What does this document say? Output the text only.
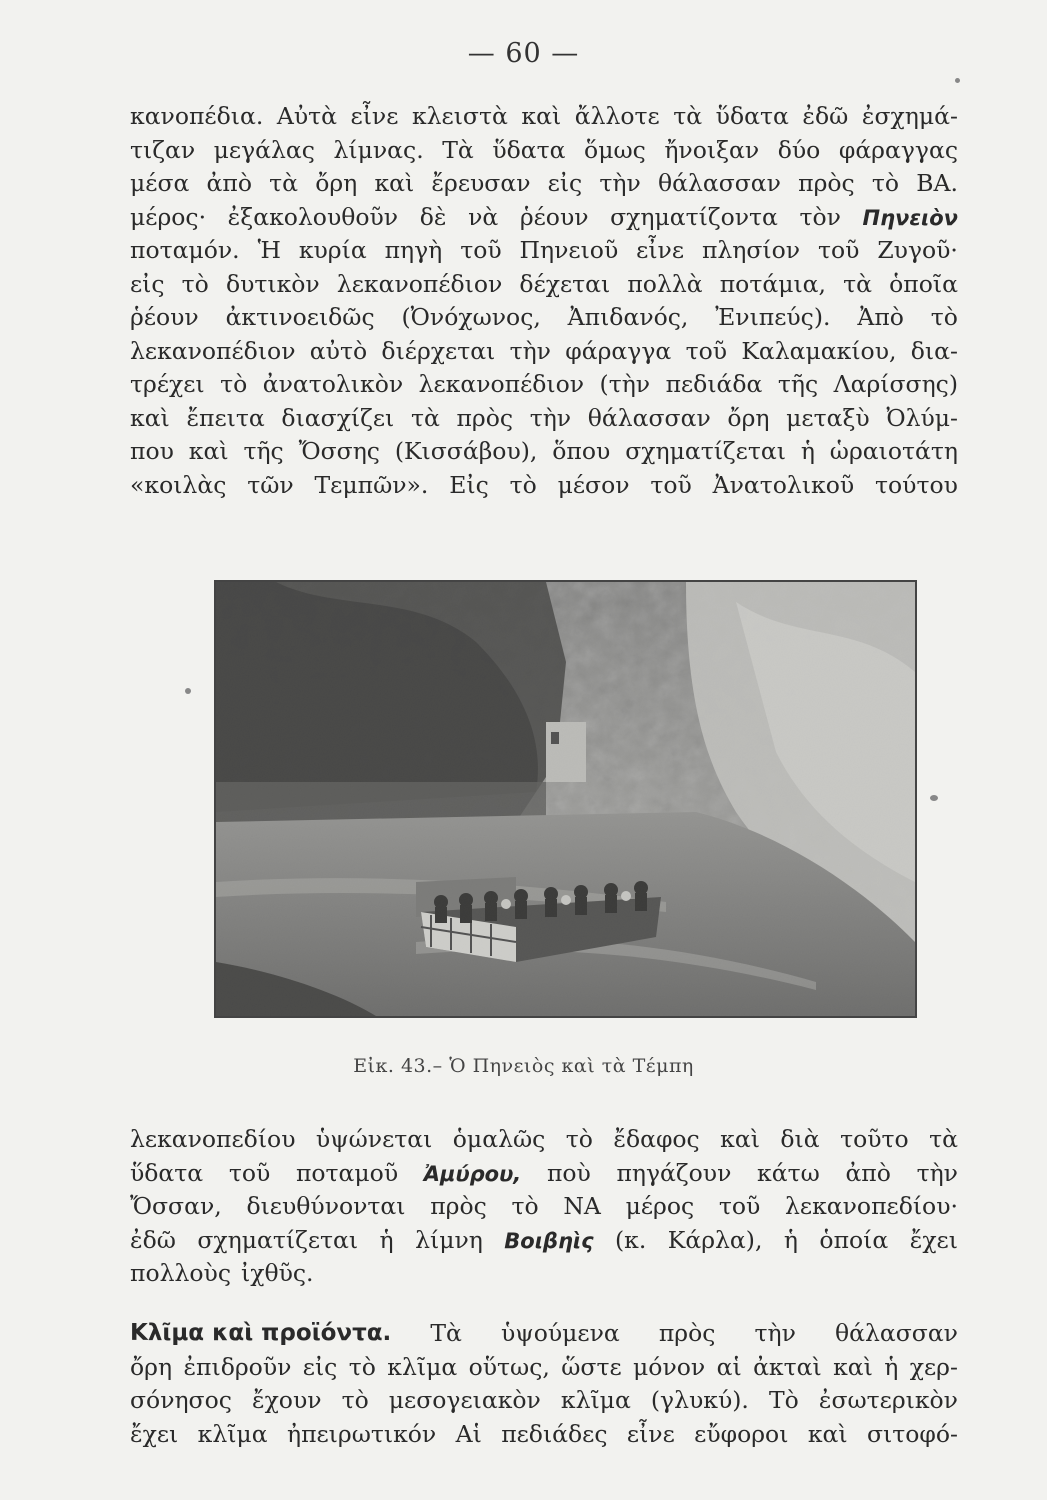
— 60 —
κανοπέδια. Αὐτὰ εἶνε κλειστὰ καὶ ἄλλοτε τὰ ὕδατα ἐδῶ ἐσχημά-
τιζαν μεγάλας λίμνας. Τὰ ὕδατα ὅμως ἤνοιξαν δύο φάραγγας
μέσα ἀπὸ τὰ ὄρη καὶ ἔρευσαν εἰς τὴν θάλασσαν πρὸς τὸ ΒΑ.
μέρος· ἐξακολουθοῦν δὲ νὰ ῥέουν σχηματίζοντα τὸν Πηνειὸν
ποταμόν. Ἡ κυρία πηγὴ τοῦ Πηνειοῦ εἶνε πλησίον τοῦ Ζυγοῦ·
εἰς τὸ δυτικὸν λεκανοπέδιον δέχεται πολλὰ ποτάμια, τὰ ὁποῖα
ῥέουν ἀκτινοειδῶς (Ὀνόχωνος, Ἀπιδανός, Ἐνιπεύς). Ἀπὸ τὸ
λεκανοπέδιον αὐτὸ διέρχεται τὴν φάραγγα τοῦ Καλαμακίου, δια-
τρέχει τὸ ἀνατολικὸν λεκανοπέδιον (τὴν πεδιάδα τῆς Λαρίσσης)
καὶ ἔπειτα διασχίζει τὰ πρὸς τὴν θάλασσαν ὄρη μεταξὺ Ὀλύμ-
που καὶ τῆς Ὄσσης (Κισσάβου), ὅπου σχηματίζεται ἡ ὡραιοτάτη
«κοιλὰς τῶν Τεμπῶν». Εἰς τὸ μέσον τοῦ Ἀνατολικοῦ τούτου
Εἰκ. 43.– Ὁ Πηνειὸς καὶ τὰ Τέμπη
λεκανοπεδίου ὑψώνεται ὁμαλῶς τὸ ἔδαφος καὶ διὰ τοῦτο τὰ
ὕδατα τοῦ ποταμοῦ Ἀμύρου, ποὺ πηγάζουν κάτω ἀπὸ τὴν
Ὄσσαν, διευθύνονται πρὸς τὸ ΝΑ μέρος τοῦ λεκανοπεδίου·
ἐδῶ σχηματίζεται ἡ λίμνη Βοιβηὶς (κ. Κάρλα), ἡ ὁποία ἔχει
πολλοὺς ἰχθῦς.
Κλῖμα καὶ προϊόντα. Τὰ ὑψούμενα πρὸς τὴν θάλασσαν
ὄρη ἐπιδροῦν εἰς τὸ κλῖμα οὕτως, ὥστε μόνον αἱ ἀκταὶ καὶ ἡ χερ-
σόνησος ἔχουν τὸ μεσογειακὸν κλῖμα (γλυκύ). Τὸ ἐσωτερικὸν
ἔχει κλῖμα ἠπειρωτικόν Αἱ πεδιάδες εἶνε εὔφοροι καὶ σιτοφό-
